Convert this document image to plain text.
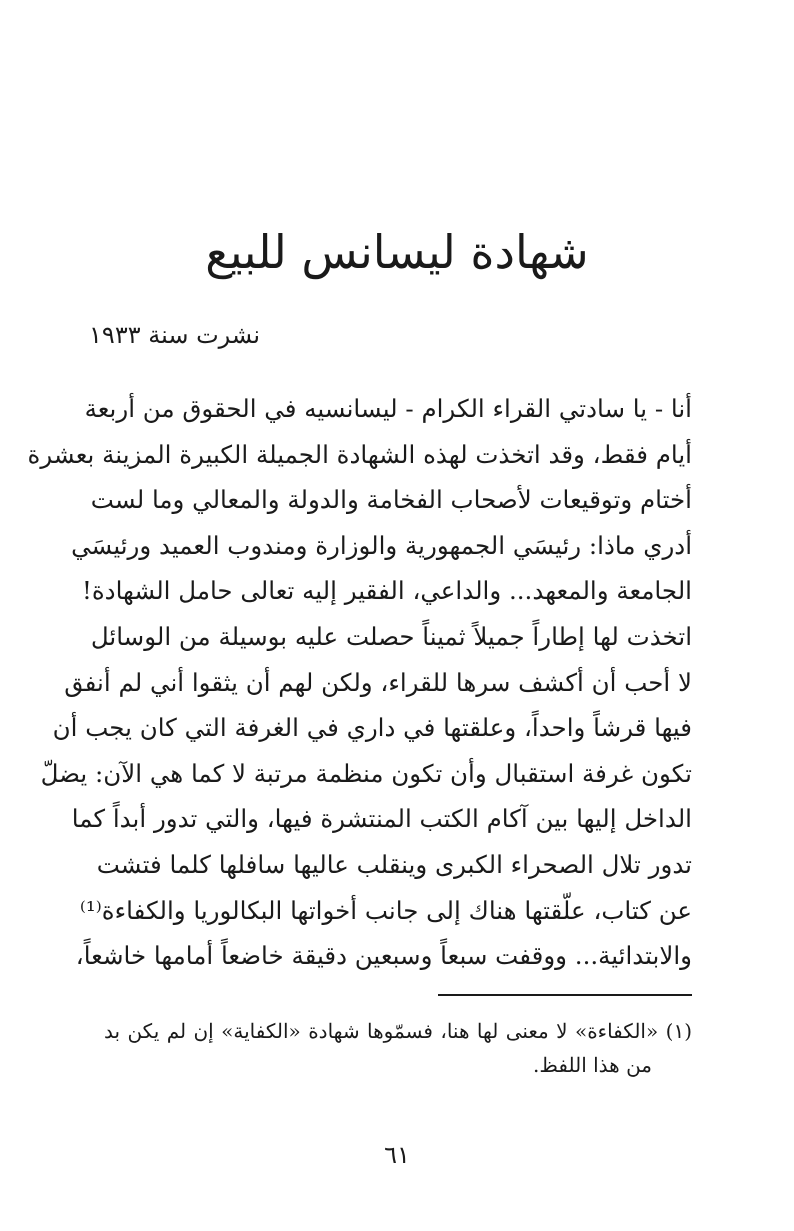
شهادة ليسانس للبيع

نشرت سنة ١٩٣٣

أنا - يا سادتي القراء الكرام - ليسانسيه في الحقوق من أربعة
أيام فقط، وقد اتخذت لهذه الشهادة الجميلة الكبيرة المزينة بعشرة
أختام وتوقيعات لأصحاب الفخامة والدولة والمعالي وما لست
أدري ماذا: رئيسَي الجمهورية والوزارة ومندوب العميد ورئيسَي
الجامعة والمعهد... والداعي، الفقير إليه تعالى حامل الشهادة!
اتخذت لها إطاراً جميلاً ثميناً حصلت عليه بوسيلة من الوسائل
لا أحب أن أكشف سرها للقراء، ولكن لهم أن يثقوا أني لم أنفق
فيها قرشاً واحداً، وعلقتها في داري في الغرفة التي كان يجب أن
تكون غرفة استقبال وأن تكون منظمة مرتبة لا كما هي الآن: يضلّ
الداخل إليها بين آكام الكتب المنتشرة فيها، والتي تدور أبداً كما
تدور تلال الصحراء الكبرى وينقلب عاليها سافلها كلما فتشت
عن كتاب، علّقتها هناك إلى جانب أخواتها البكالوريا والكفاءة⁽¹⁾
والابتدائية... ووقفت سبعاً وسبعين دقيقة خاضعاً أمامها خاشعاً،
(١) «الكفاءة» لا معنى لها هنا، فسمّوها شهادة «الكفاية» إن لم يكن بد
من هذا اللفظ.
٦١
